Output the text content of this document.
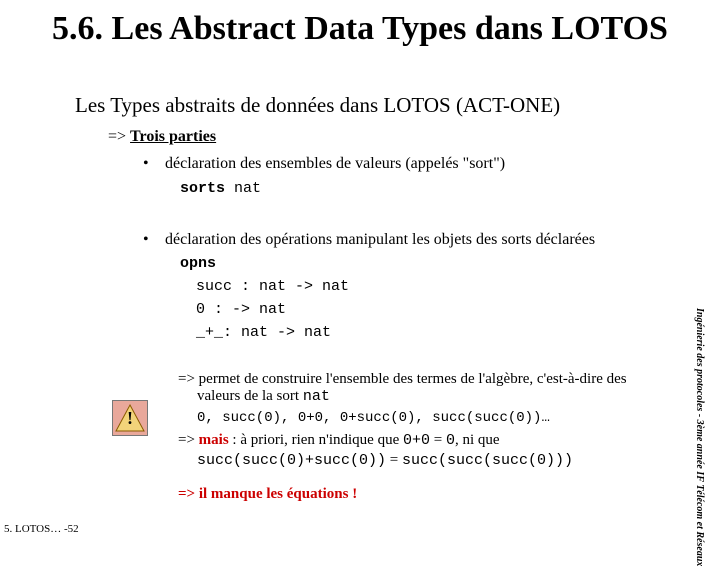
5.6. Les Abstract Data Types dans LOTOS
Les Types abstraits de données dans LOTOS (ACT-ONE)
=> Trois parties
• déclaration des ensembles de valeurs (appelés "sort")
sorts nat
• déclaration des opérations manipulant les objets des sorts déclarées
opns
succ : nat -> nat
0 : -> nat
_+_: nat -> nat
=> permet de construire l'ensemble des termes de l'algèbre, c'est-à-dire des
valeurs de la sort nat
0, succ(0), 0+0, 0+succ(0), succ(succ(0))…
!
=> mais : à priori, rien n'indique que 0+0 = 0, ni que
succ(succ(0)+succ(0)) = succ(succ(succ(0)))
=> il manque les équations !
5. LOTOS… -52	Ingénierie des protocoles - 3ème année IF Télécom et Réseaux
